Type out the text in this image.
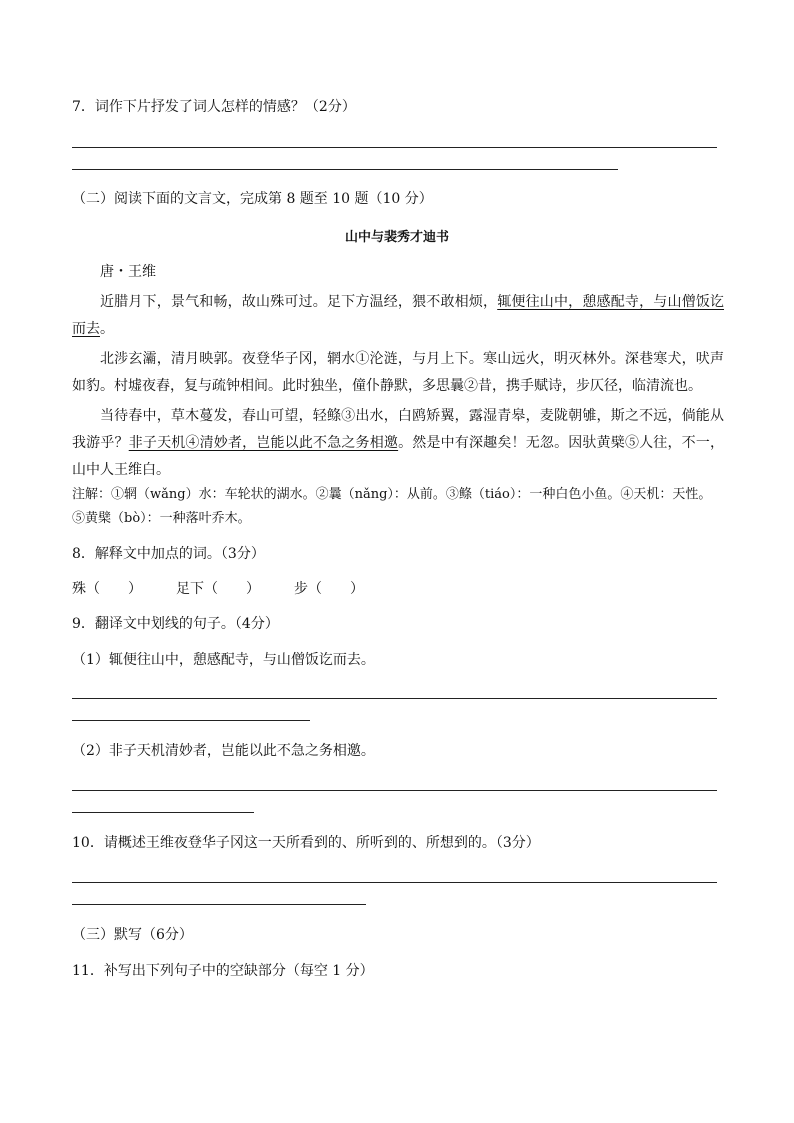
7．词作下片抒发了词人怎样的情感？（2分）
（二）阅读下面的文言文，完成第 8 题至 10 题（10 分）
山中与裴秀才迪书
唐・王维
近腊月下，景气和畅，故山殊可过。足下方温经，猥不敢相烦，辄便往山中，憩感配寺，与山僧饭讫而去。
北涉玄灞，清月映郭。夜登华子冈，辋水①沦涟，与月上下。寒山远火，明灭林外。深巷寒犬，吠声如豹。村墟夜舂，复与疏钟相间。此时独坐，僮仆静默，多思曩②昔，携手赋诗，步仄径，临清流也。
当待春中，草木蔓发，春山可望，轻鲦③出水，白鸥矫翼，露湿青皋，麦陇朝雊，斯之不远，倘能从我游乎？非子天机④清妙者，岂能以此不急之务相邀。然是中有深趣矣！无忽。因驮黄檗⑤人往，不一，山中人王维白。
注解：①辋（wǎng）水：车轮状的湖水。②曩（nǎng）：从前。③鲦（tiáo）：一种白色小鱼。④天机：天性。⑤黄檗（bò）：一种落叶乔木。
8．解释文中加点的词。（3分）
殊（　　） 足下（　　） 步（　　）
9．翻译文中划线的句子。（4分）
（1）辄便往山中，憩感配寺，与山僧饭讫而去。
（2）非子天机清妙者，岂能以此不急之务相邀。
10．请概述王维夜登华子冈这一天所看到的、所听到的、所想到的。（3分）
（三）默写（6分）
11．补写出下列句子中的空缺部分（每空 1 分）
